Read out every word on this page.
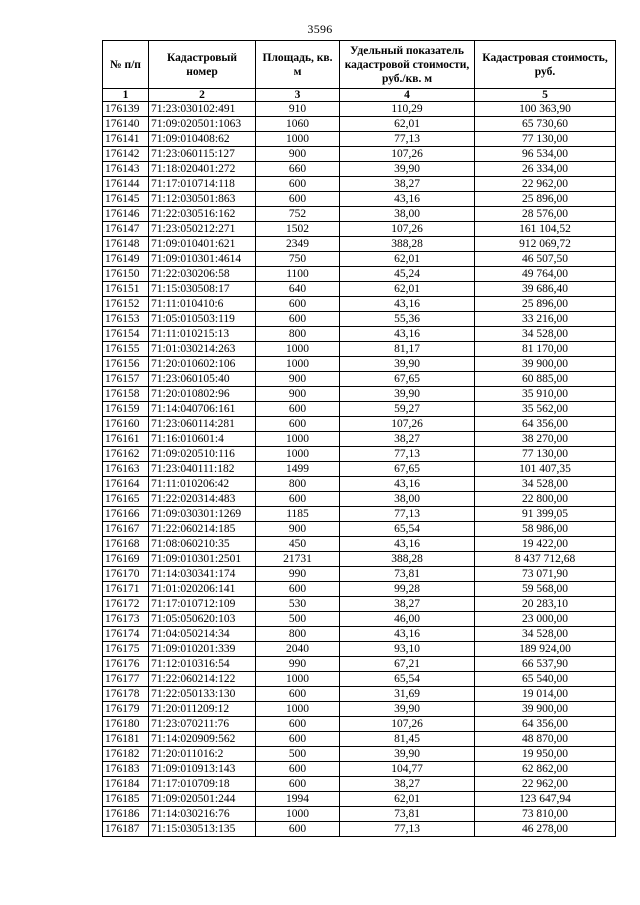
3596
№ п/п	Кадастровый номер	Площадь, кв. м	Удельный показатель кадастровой стоимости, руб./кв. м	Кадастровая стоимость, руб.
1	2	3	4	5
176139	71:23:030102:491	910	110,29	100 363,90
176140	71:09:020501:1063	1060	62,01	65 730,60
176141	71:09:010408:62	1000	77,13	77 130,00
176142	71:23:060115:127	900	107,26	96 534,00
176143	71:18:020401:272	660	39,90	26 334,00
176144	71:17:010714:118	600	38,27	22 962,00
176145	71:12:030501:863	600	43,16	25 896,00
176146	71:22:030516:162	752	38,00	28 576,00
176147	71:23:050212:271	1502	107,26	161 104,52
176148	71:09:010401:621	2349	388,28	912 069,72
176149	71:09:010301:4614	750	62,01	46 507,50
176150	71:22:030206:58	1100	45,24	49 764,00
176151	71:15:030508:17	640	62,01	39 686,40
176152	71:11:010410:6	600	43,16	25 896,00
176153	71:05:010503:119	600	55,36	33 216,00
176154	71:11:010215:13	800	43,16	34 528,00
176155	71:01:030214:263	1000	81,17	81 170,00
176156	71:20:010602:106	1000	39,90	39 900,00
176157	71:23:060105:40	900	67,65	60 885,00
176158	71:20:010802:96	900	39,90	35 910,00
176159	71:14:040706:161	600	59,27	35 562,00
176160	71:23:060114:281	600	107,26	64 356,00
176161	71:16:010601:4	1000	38,27	38 270,00
176162	71:09:020510:116	1000	77,13	77 130,00
176163	71:23:040111:182	1499	67,65	101 407,35
176164	71:11:010206:42	800	43,16	34 528,00
176165	71:22:020314:483	600	38,00	22 800,00
176166	71:09:030301:1269	1185	77,13	91 399,05
176167	71:22:060214:185	900	65,54	58 986,00
176168	71:08:060210:35	450	43,16	19 422,00
176169	71:09:010301:2501	21731	388,28	8 437 712,68
176170	71:14:030341:174	990	73,81	73 071,90
176171	71:01:020206:141	600	99,28	59 568,00
176172	71:17:010712:109	530	38,27	20 283,10
176173	71:05:050620:103	500	46,00	23 000,00
176174	71:04:050214:34	800	43,16	34 528,00
176175	71:09:010201:339	2040	93,10	189 924,00
176176	71:12:010316:54	990	67,21	66 537,90
176177	71:22:060214:122	1000	65,54	65 540,00
176178	71:22:050133:130	600	31,69	19 014,00
176179	71:20:011209:12	1000	39,90	39 900,00
176180	71:23:070211:76	600	107,26	64 356,00
176181	71:14:020909:562	600	81,45	48 870,00
176182	71:20:011016:2	500	39,90	19 950,00
176183	71:09:010913:143	600	104,77	62 862,00
176184	71:17:010709:18	600	38,27	22 962,00
176185	71:09:020501:244	1994	62,01	123 647,94
176186	71:14:030216:76	1000	73,81	73 810,00
176187	71:15:030513:135	600	77,13	46 278,00
